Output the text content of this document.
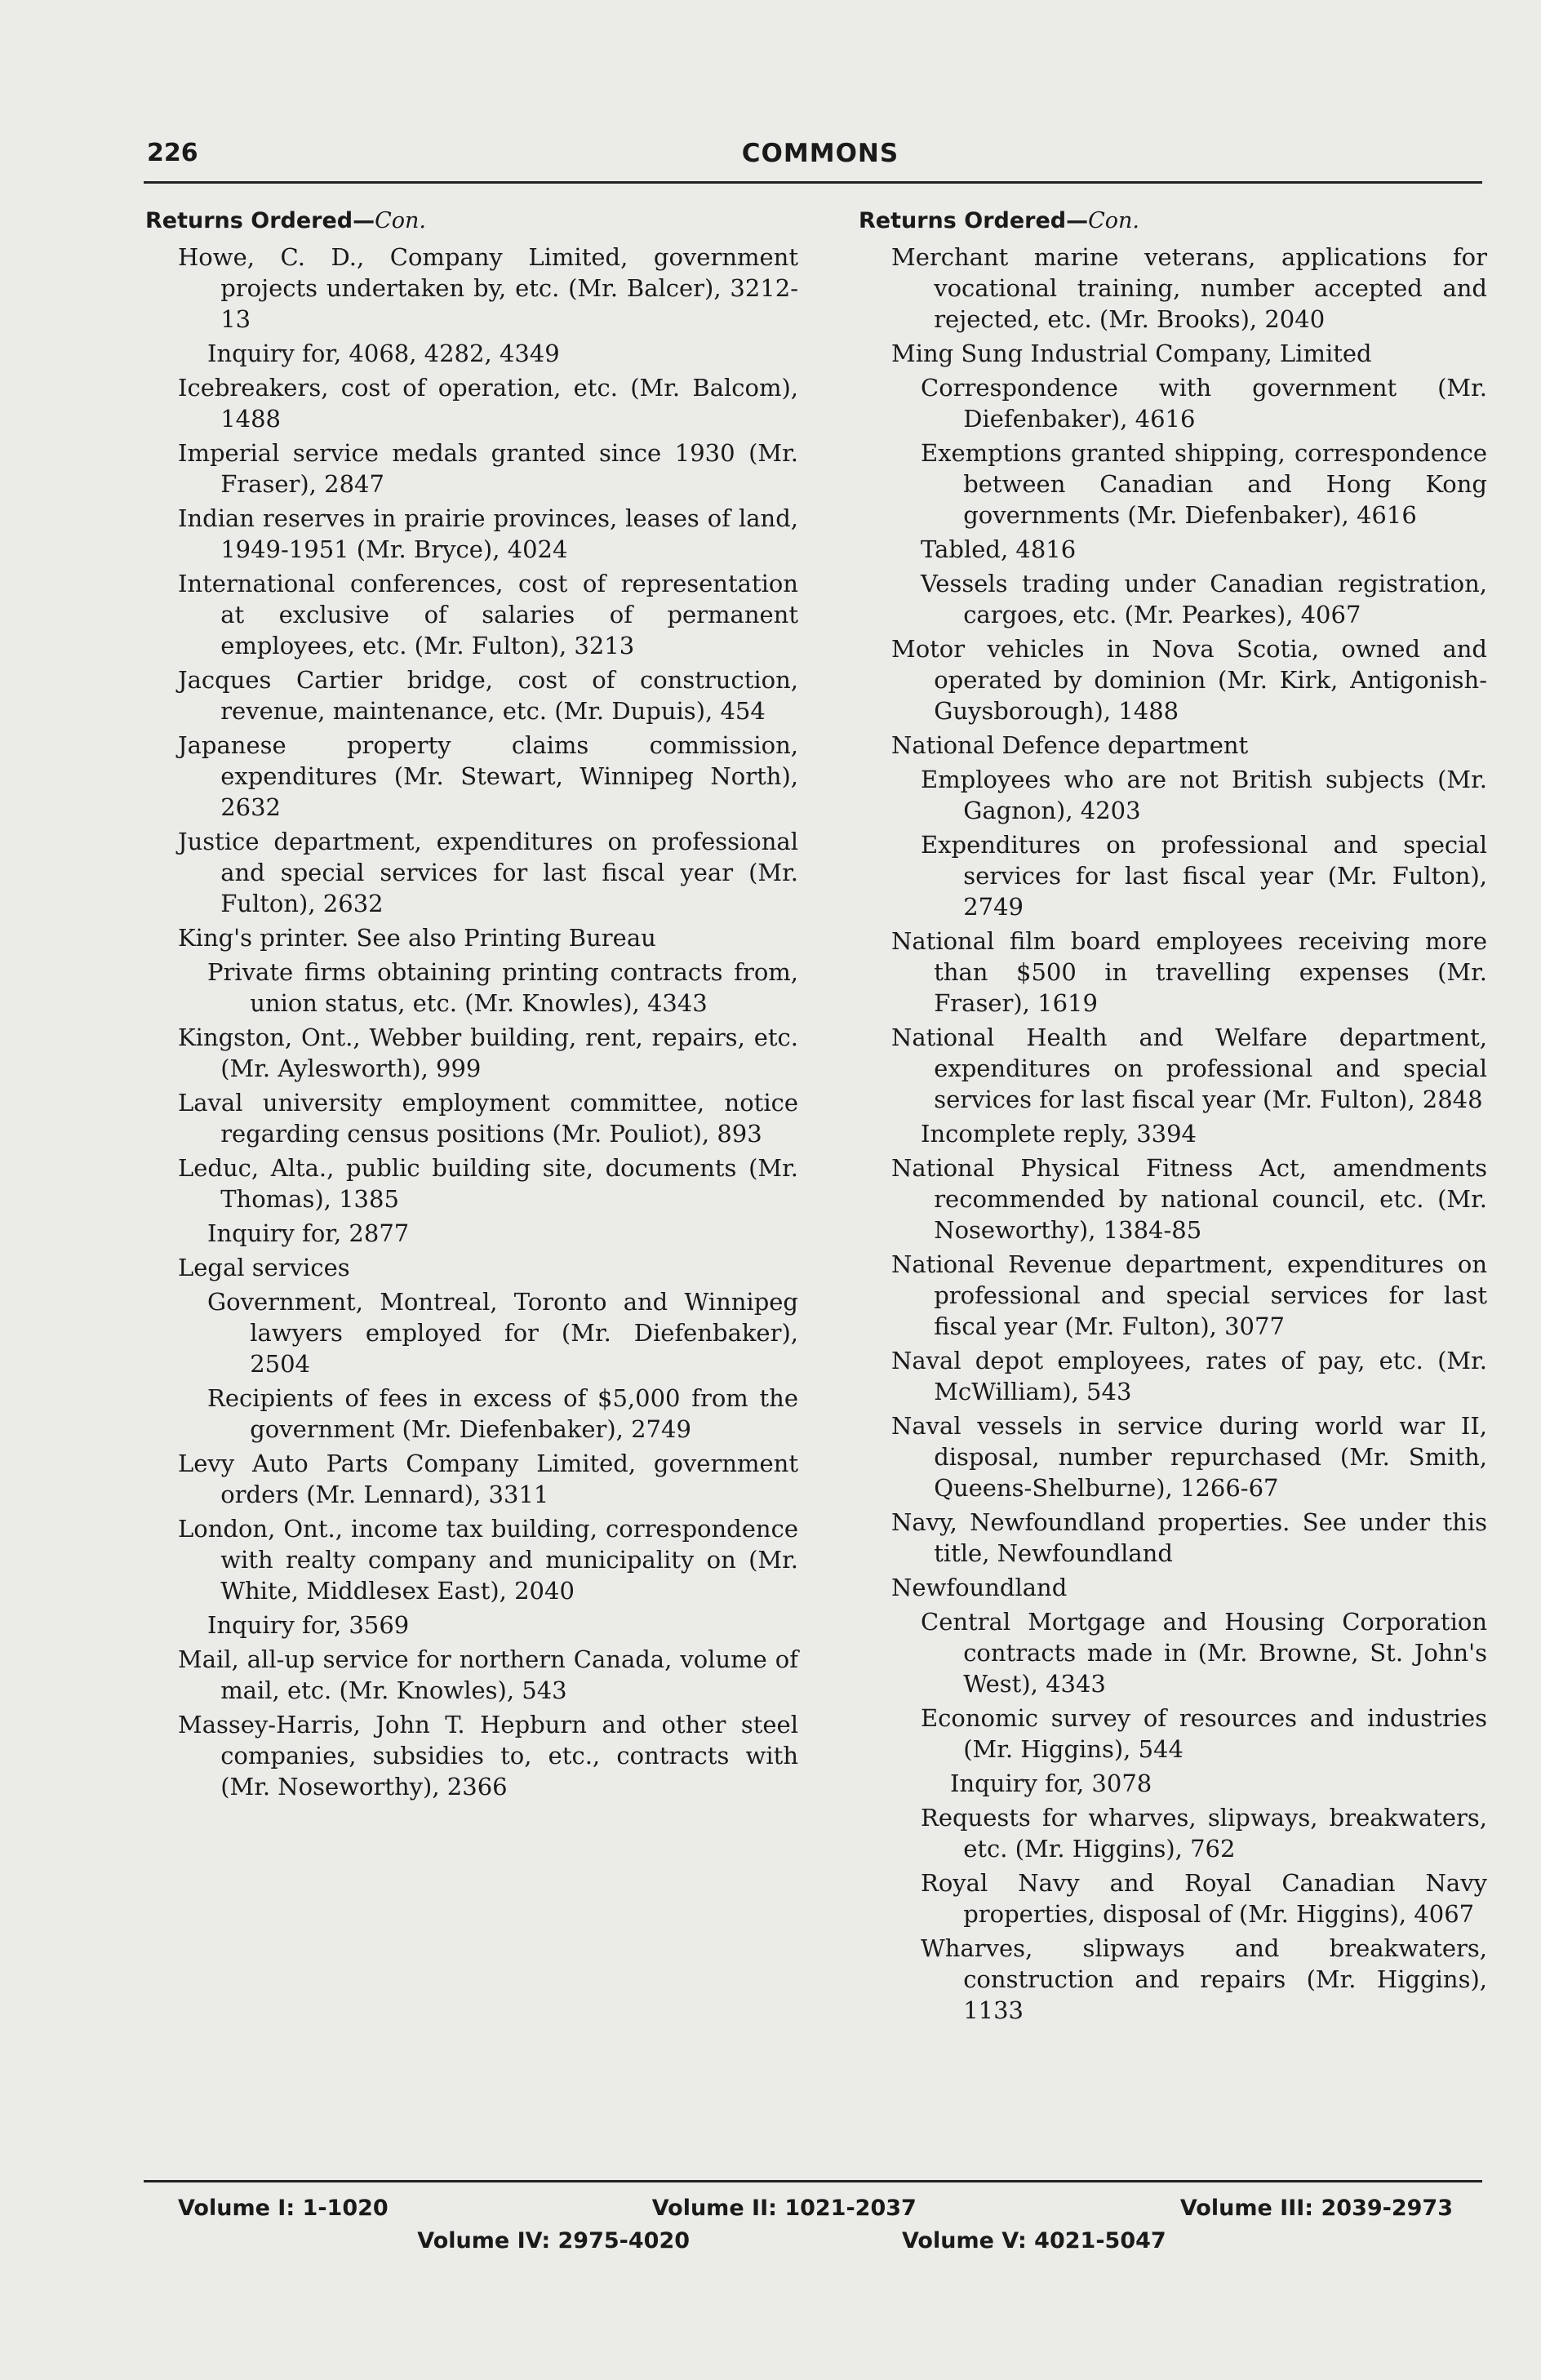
226	COMMONS
Returns Ordered—Con.
Howe, C. D., Company Limited, government projects undertaken by, etc. (Mr. Balcer), 3212-13
Inquiry for, 4068, 4282, 4349
Icebreakers, cost of operation, etc. (Mr. Balcom), 1488
Imperial service medals granted since 1930 (Mr. Fraser), 2847
Indian reserves in prairie provinces, leases of land, 1949-1951 (Mr. Bryce), 4024
International conferences, cost of representation at exclusive of salaries of permanent employees, etc. (Mr. Fulton), 3213
Jacques Cartier bridge, cost of construction, revenue, maintenance, etc. (Mr. Dupuis), 454
Japanese property claims commission, expenditures (Mr. Stewart, Winnipeg North), 2632
Justice department, expenditures on professional and special services for last fiscal year (Mr. Fulton), 2632
King's printer. See also Printing Bureau
Private firms obtaining printing contracts from, union status, etc. (Mr. Knowles), 4343
Kingston, Ont., Webber building, rent, repairs, etc. (Mr. Aylesworth), 999
Laval university employment committee, notice regarding census positions (Mr. Pouliot), 893
Leduc, Alta., public building site, documents (Mr. Thomas), 1385
Inquiry for, 2877
Legal services
Government, Montreal, Toronto and Winnipeg lawyers employed for (Mr. Diefenbaker), 2504
Recipients of fees in excess of $5,000 from the government (Mr. Diefenbaker), 2749
Levy Auto Parts Company Limited, government orders (Mr. Lennard), 3311
London, Ont., income tax building, correspondence with realty company and municipality on (Mr. White, Middlesex East), 2040
Inquiry for, 3569
Mail, all-up service for northern Canada, volume of mail, etc. (Mr. Knowles), 543
Massey-Harris, John T. Hepburn and other steel companies, subsidies to, etc., contracts with (Mr. Noseworthy), 2366
Returns Ordered—Con.
Merchant marine veterans, applications for vocational training, number accepted and rejected, etc. (Mr. Brooks), 2040
Ming Sung Industrial Company, Limited
Correspondence with government (Mr. Diefenbaker), 4616
Exemptions granted shipping, correspondence between Canadian and Hong Kong governments (Mr. Diefenbaker), 4616
Tabled, 4816
Vessels trading under Canadian registration, cargoes, etc. (Mr. Pearkes), 4067
Motor vehicles in Nova Scotia, owned and operated by dominion (Mr. Kirk, Antigonish-Guysborough), 1488
National Defence department
Employees who are not British subjects (Mr. Gagnon), 4203
Expenditures on professional and special services for last fiscal year (Mr. Fulton), 2749
National film board employees receiving more than $500 in travelling expenses (Mr. Fraser), 1619
National Health and Welfare department, expenditures on professional and special services for last fiscal year (Mr. Fulton), 2848
Incomplete reply, 3394
National Physical Fitness Act, amendments recommended by national council, etc. (Mr. Noseworthy), 1384-85
National Revenue department, expenditures on professional and special services for last fiscal year (Mr. Fulton), 3077
Naval depot employees, rates of pay, etc. (Mr. McWilliam), 543
Naval vessels in service during world war II, disposal, number repurchased (Mr. Smith, Queens-Shelburne), 1266-67
Navy, Newfoundland properties. See under this title, Newfoundland
Newfoundland
Central Mortgage and Housing Corporation contracts made in (Mr. Browne, St. John's West), 4343
Economic survey of resources and industries (Mr. Higgins), 544
Inquiry for, 3078
Requests for wharves, slipways, breakwaters, etc. (Mr. Higgins), 762
Royal Navy and Royal Canadian Navy properties, disposal of (Mr. Higgins), 4067
Wharves, slipways and breakwaters, construction and repairs (Mr. Higgins), 1133
Volume I: 1-1020	Volume II: 1021-2037	Volume III: 2039-2973
Volume IV: 2975-4020	Volume V: 4021-5047
